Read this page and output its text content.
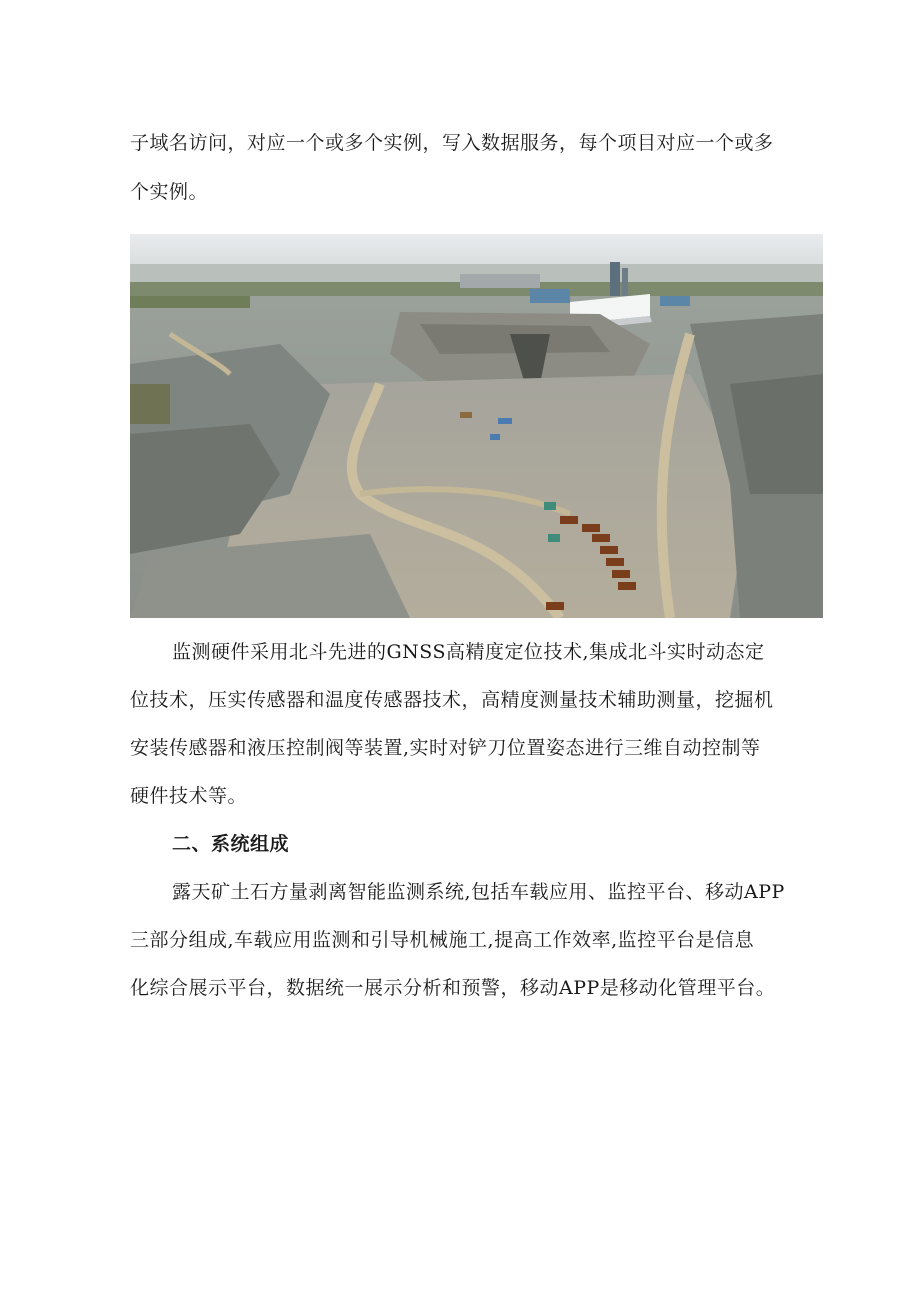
子域名访问，对应一个或多个实例，写入数据服务，每个项目对应一个或多
个实例。
监测硬件采用北斗先进的GNSS高精度定位技术,集成北斗实时动态定
位技术，压实传感器和温度传感器技术，高精度测量技术辅助测量，挖掘机
安装传感器和液压控制阀等装置,实时对铲刀位置姿态进行三维自动控制等
硬件技术等。
二、系统组成
露天矿土石方量剥离智能监测系统,包括车载应用、监控平台、移动APP
三部分组成,车载应用监测和引导机械施工,提高工作效率,监控平台是信息
化综合展示平台，数据统一展示分析和预警，移动APP是移动化管理平台。
